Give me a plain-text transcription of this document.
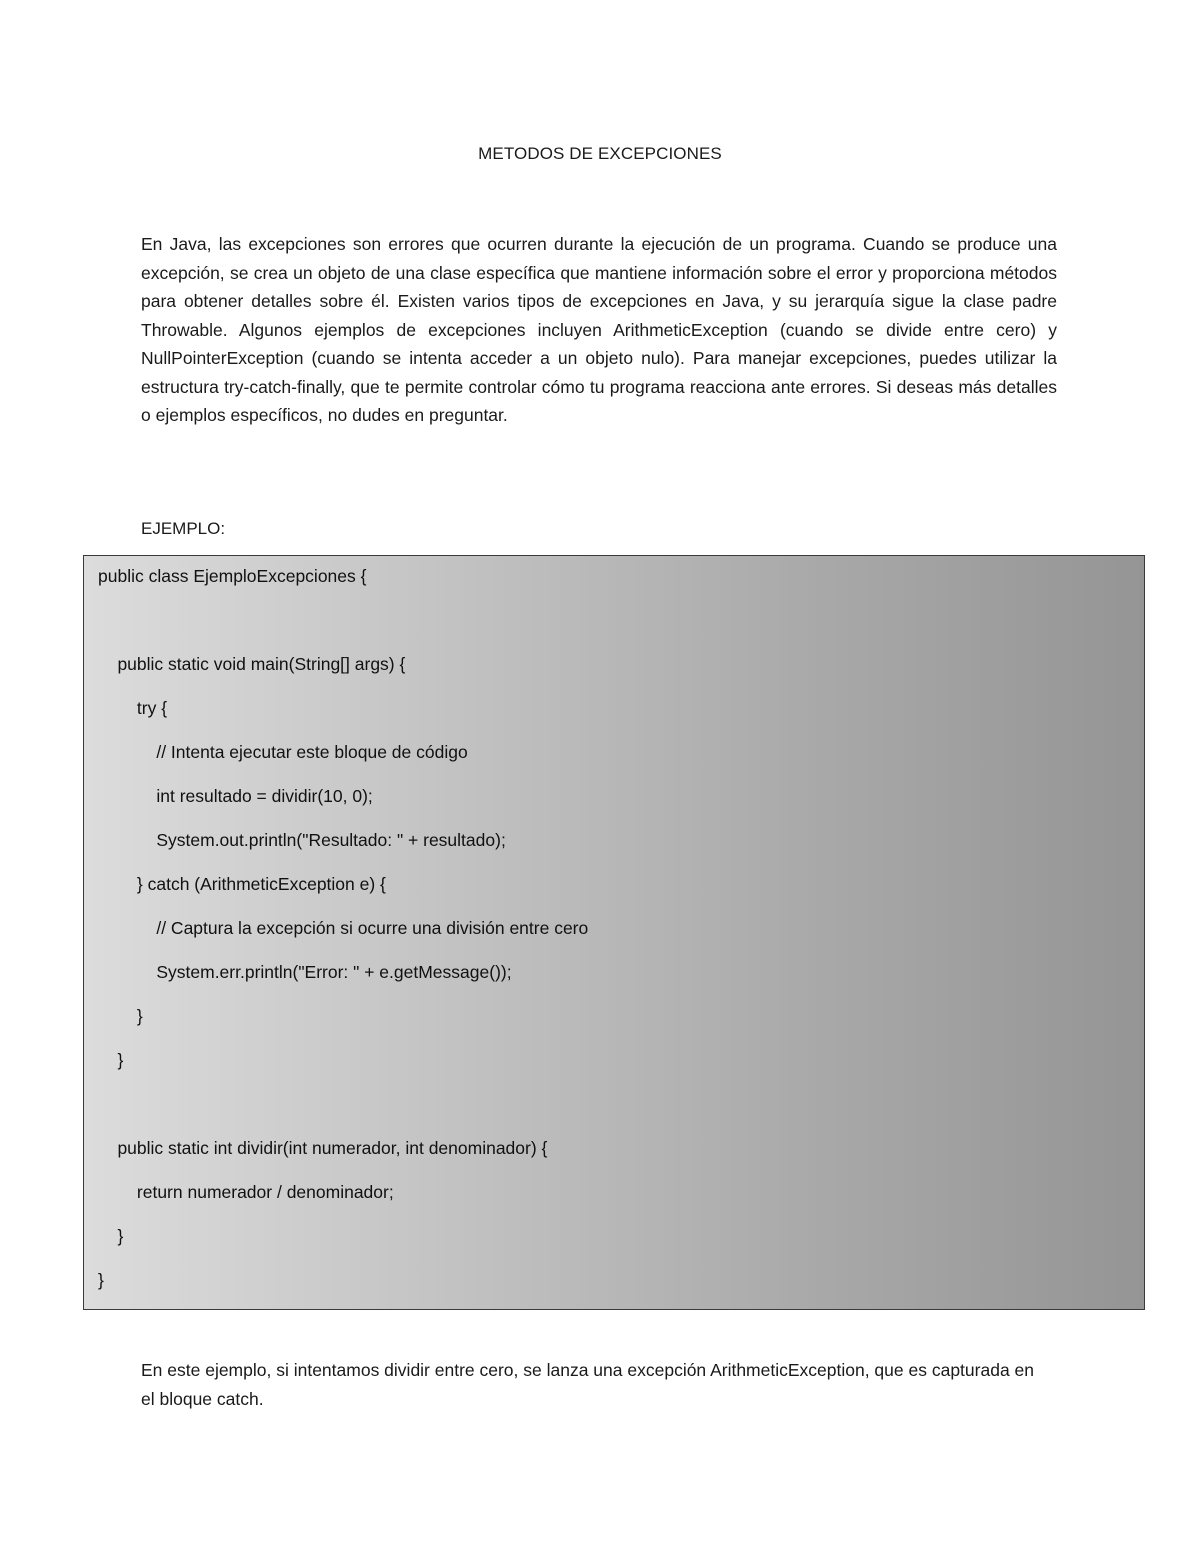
METODOS DE EXCEPCIONES

En Java, las excepciones son errores que ocurren durante la ejecución de un programa. Cuando se produce una excepción, se crea un objeto de una clase específica que mantiene información sobre el error y proporciona métodos para obtener detalles sobre él. Existen varios tipos de excepciones en Java, y su jerarquía sigue la clase padre Throwable. Algunos ejemplos de excepciones incluyen ArithmeticException (cuando se divide entre cero) y NullPointerException (cuando se intenta acceder a un objeto nulo). Para manejar excepciones, puedes utilizar la estructura try-catch-finally, que te permite controlar cómo tu programa reacciona ante errores. Si deseas más detalles o ejemplos específicos, no dudes en preguntar.

EJEMPLO:
public class EjemploExcepciones {
public static void main(String[] args) {
try {
// Intenta ejecutar este bloque de código
int resultado = dividir(10, 0);
System.out.println("Resultado: " + resultado);
} catch (ArithmeticException e) {
// Captura la excepción si ocurre una división entre cero
System.err.println("Error: " + e.getMessage());
}
}
public static int dividir(int numerador, int denominador) {
return numerador / denominador;
}
}

En este ejemplo, si intentamos dividir entre cero, se lanza una excepción ArithmeticException, que es capturada en el bloque catch.
